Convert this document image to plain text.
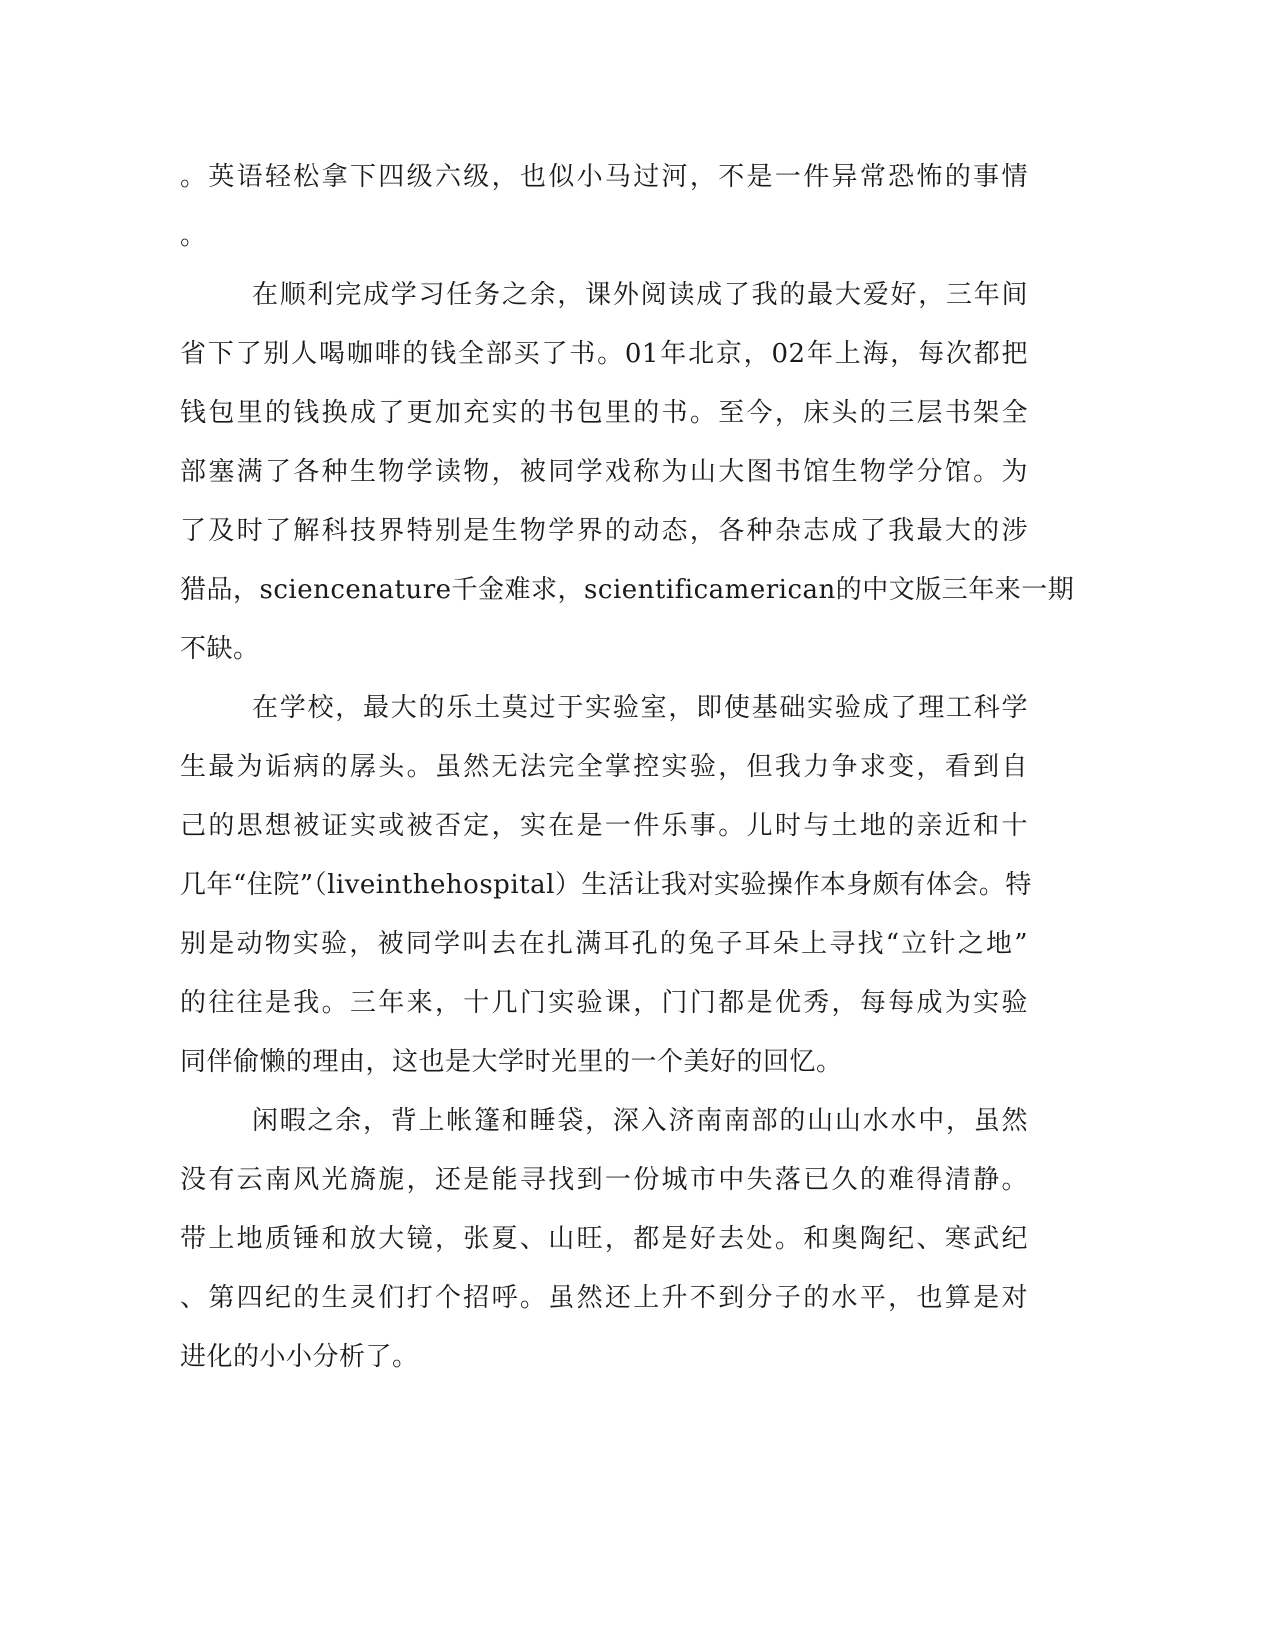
。英语轻松拿下四级六级，也似小马过河，不是一件异常恐怖的事情
。
在顺利完成学习任务之余，课外阅读成了我的最大爱好，三年间
省下了别人喝咖啡的钱全部买了书。01年北京，02年上海，每次都把
钱包里的钱换成了更加充实的书包里的书。至今，床头的三层书架全
部塞满了各种生物学读物，被同学戏称为山大图书馆生物学分馆。为
了及时了解科技界特别是生物学界的动态，各种杂志成了我最大的涉
猎品，sciencenature千金难求，scientificamerican的中文版三年来一期
不缺。
在学校，最大的乐土莫过于实验室，即使基础实验成了理工科学
生最为诟病的孱头。虽然无法完全掌控实验，但我力争求变，看到自
己的思想被证实或被否定，实在是一件乐事。儿时与土地的亲近和十
几年“住院”（liveinthehospital）生活让我对实验操作本身颇有体会。特
别是动物实验，被同学叫去在扎满耳孔的兔子耳朵上寻找“立针之地”
的往往是我。三年来，十几门实验课，门门都是优秀，每每成为实验
同伴偷懒的理由，这也是大学时光里的一个美好的回忆。
闲暇之余，背上帐篷和睡袋，深入济南南部的山山水水中，虽然
没有云南风光旖旎，还是能寻找到一份城市中失落已久的难得清静。
带上地质锤和放大镜，张夏、山旺，都是好去处。和奥陶纪、寒武纪
、第四纪的生灵们打个招呼。虽然还上升不到分子的水平，也算是对
进化的小小分析了。
